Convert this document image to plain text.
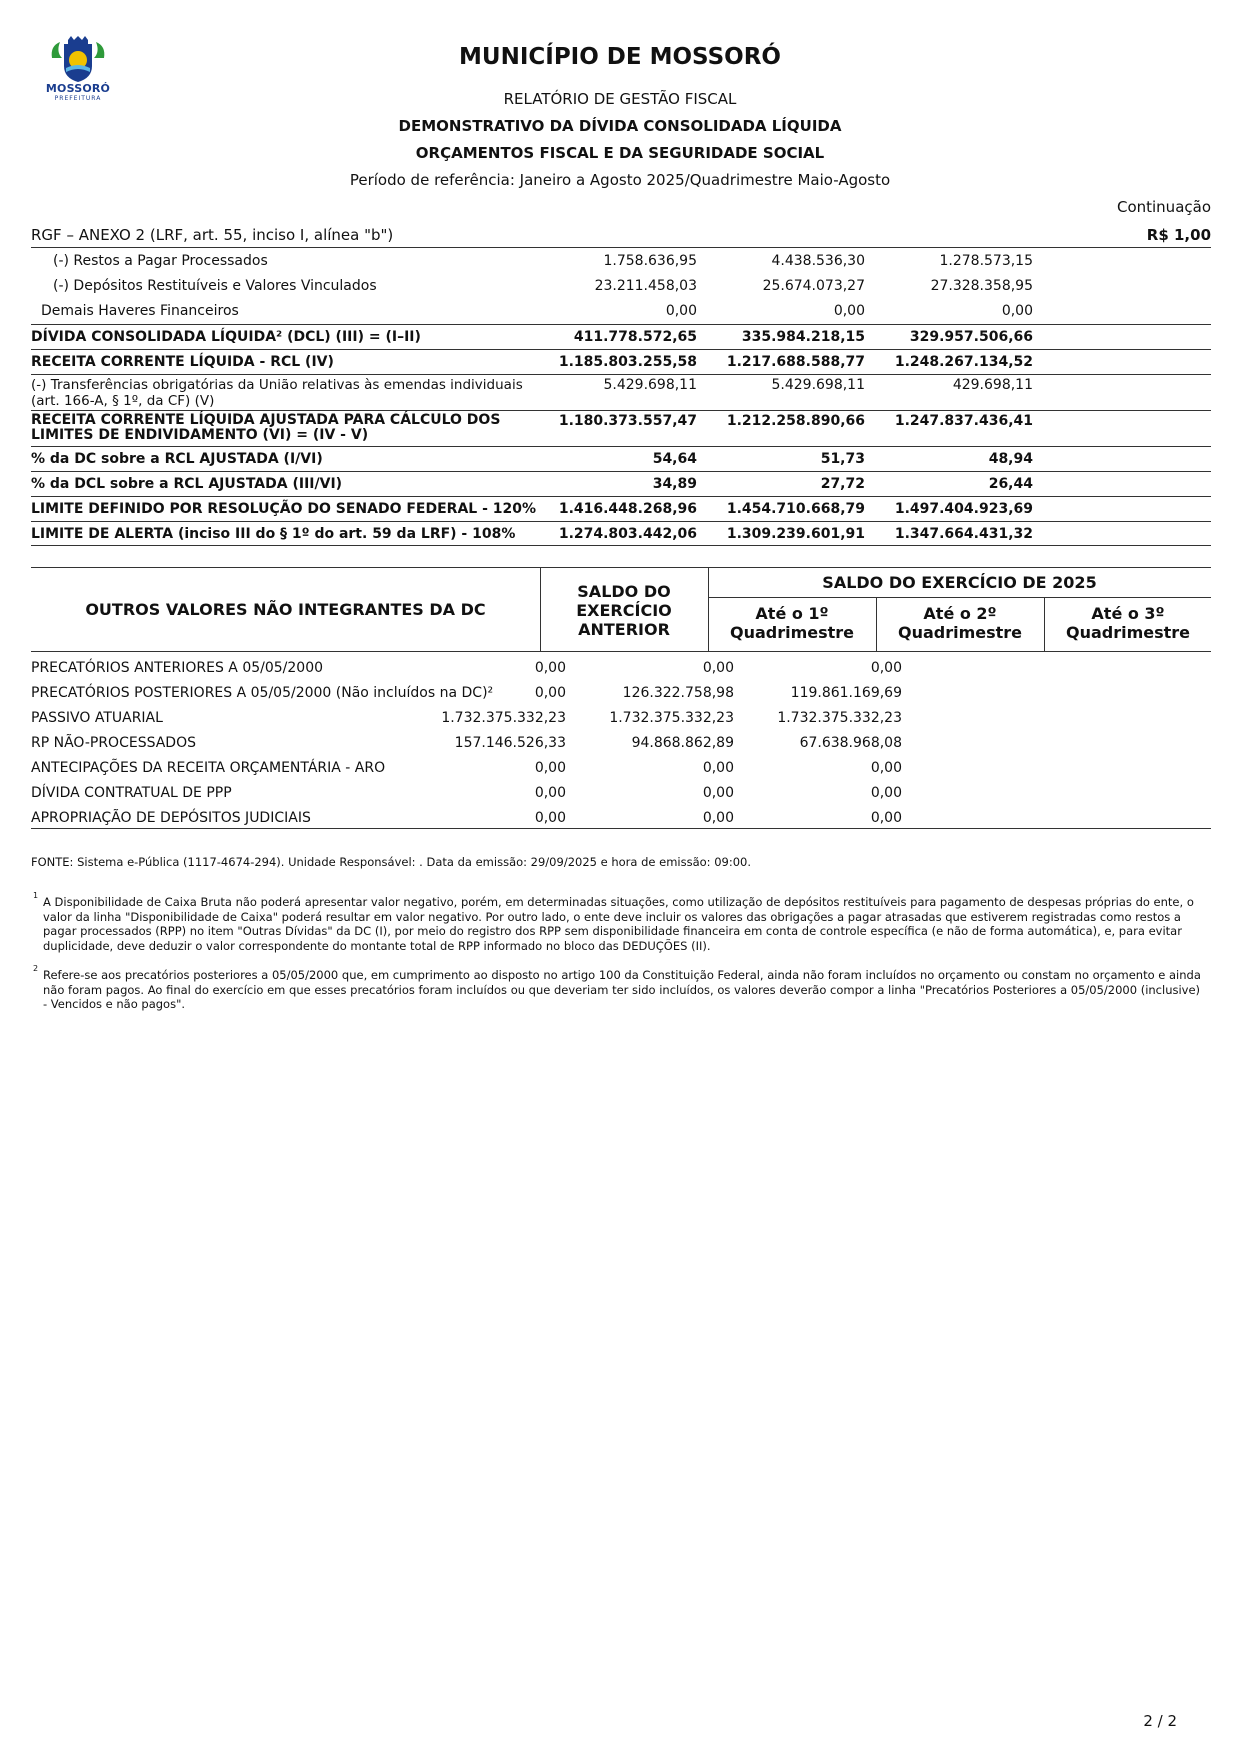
MOSSORÓ
PREFEITURA
MUNICÍPIO DE MOSSORÓ
RELATÓRIO DE GESTÃO FISCAL
DEMONSTRATIVO DA DÍVIDA CONSOLIDADA LÍQUIDA
ORÇAMENTOS FISCAL E DA SEGURIDADE SOCIAL
Período de referência: Janeiro a Agosto 2025/Quadrimestre Maio-Agosto
Continuação
RGF – ANEXO 2 (LRF, art. 55, inciso I, alínea "b")	R$ 1,00
(-) Restos a Pagar Processados	1.758.636,95	4.438.536,30	1.278.573,15	
(-) Depósitos Restituíveis e Valores Vinculados	23.211.458,03	25.674.073,27	27.328.358,95	
Demais Haveres Financeiros	0,00	0,00	0,00	
DÍVIDA CONSOLIDADA LÍQUIDA² (DCL) (III) = (I–II)	411.778.572,65	335.984.218,15	329.957.506,66	
RECEITA CORRENTE LÍQUIDA - RCL (IV)	1.185.803.255,58	1.217.688.588,77	1.248.267.134,52	
(-) Transferências obrigatórias da União relativas às emendas individuais (art. 166-A, § 1º, da CF) (V)	5.429.698,11	5.429.698,11	429.698,11	
RECEITA CORRENTE LÍQUIDA AJUSTADA PARA CÁLCULO DOS LIMITES DE ENDIVIDAMENTO (VI) = (IV - V)	1.180.373.557,47	1.212.258.890,66	1.247.837.436,41	
% da DC sobre a RCL AJUSTADA (I/VI)	54,64	51,73	48,94	
% da DCL sobre a RCL AJUSTADA (III/VI)	34,89	27,72	26,44	
LIMITE DEFINIDO POR RESOLUÇÃO DO SENADO FEDERAL - 120%	1.416.448.268,96	1.454.710.668,79	1.497.404.923,69	
LIMITE DE ALERTA (inciso III do § 1º do art. 59 da LRF) - 108%	1.274.803.442,06	1.309.239.601,91	1.347.664.431,32	
OUTROS VALORES NÃO INTEGRANTES DA DC
SALDO DO EXERCÍCIO ANTERIOR
SALDO DO EXERCÍCIO DE 2025
Até o 1º Quadrimestre
Até o 2º Quadrimestre
Até o 3º Quadrimestre
PRECATÓRIOS ANTERIORES A 05/05/2000	0,00	0,00	0,00
PRECATÓRIOS POSTERIORES A 05/05/2000 (Não incluídos na DC)²	0,00	126.322.758,98	119.861.169,69
PASSIVO ATUARIAL	1.732.375.332,23	1.732.375.332,23	1.732.375.332,23
RP NÃO-PROCESSADOS	157.146.526,33	94.868.862,89	67.638.968,08
ANTECIPAÇÕES DA RECEITA ORÇAMENTÁRIA - ARO	0,00	0,00	0,00
DÍVIDA CONTRATUAL DE PPP	0,00	0,00	0,00
APROPRIAÇÃO DE DEPÓSITOS JUDICIAIS	0,00	0,00	0,00
FONTE: Sistema e-Pública (1117-4674-294). Unidade Responsável: . Data da emissão: 29/09/2025 e hora de emissão: 09:00.
1 A Disponibilidade de Caixa Bruta não poderá apresentar valor negativo, porém, em determinadas situações, como utilização de depósitos restituíveis para pagamento de despesas próprias do ente, o valor da linha "Disponibilidade de Caixa" poderá resultar em valor negativo. Por outro lado, o ente deve incluir os valores das obrigações a pagar atrasadas que estiverem registradas como restos a pagar processados (RPP) no item "Outras Dívidas" da DC (I), por meio do registro dos RPP sem disponibilidade financeira em conta de controle específica (e não de forma automática), e, para evitar duplicidade, deve deduzir o valor correspondente do montante total de RPP informado no bloco das DEDUÇÕES (II).
2 Refere-se aos precatórios posteriores a 05/05/2000 que, em cumprimento ao disposto no artigo 100 da Constituição Federal, ainda não foram incluídos no orçamento ou constam no orçamento e ainda não foram pagos. Ao final do exercício em que esses precatórios foram incluídos ou que deveriam ter sido incluídos, os valores deverão compor a linha "Precatórios Posteriores a 05/05/2000 (inclusive) - Vencidos e não pagos".
2 / 2
